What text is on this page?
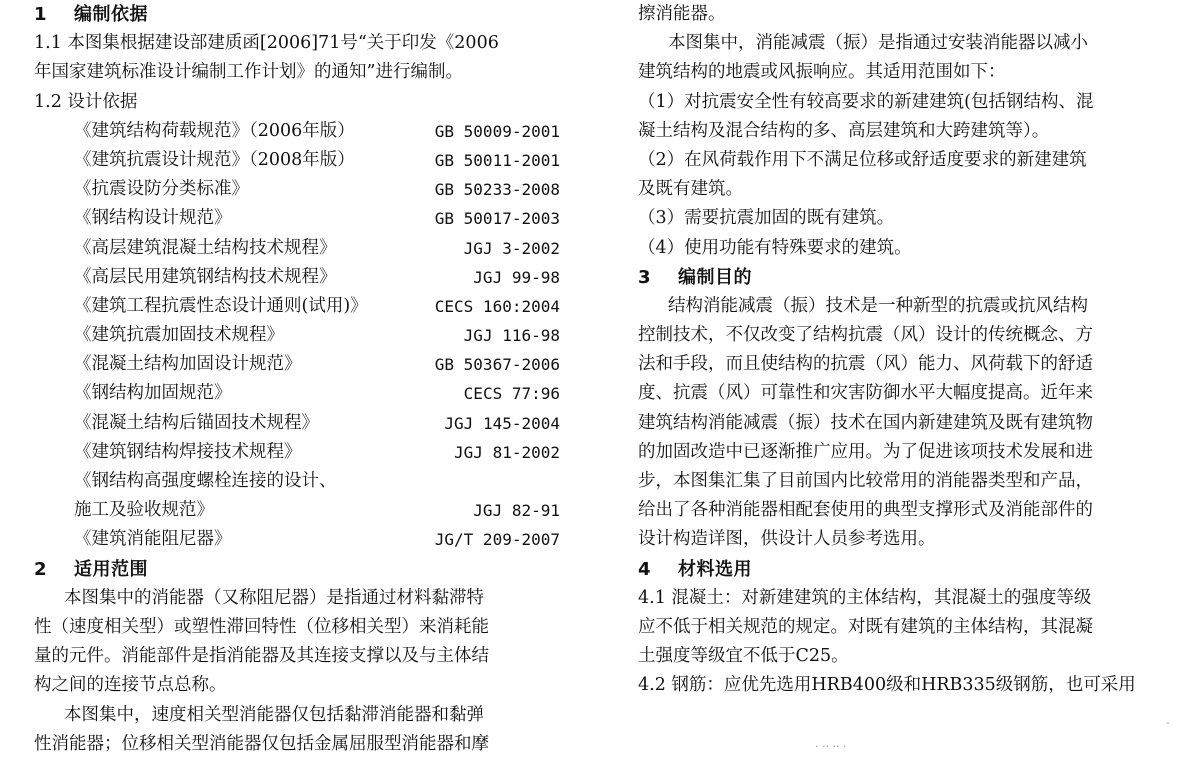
1 编制依据
1.1 本图集根据建设部建质函[2006]71号“关于印发《2006
年国家建筑标准设计编制工作计划》的通知”进行编制。
1.2 设计依据
《建筑结构荷载规范》（2006年版）	GB 50009-2001
《建筑抗震设计规范》（2008年版）	GB 50011-2001
《抗震设防分类标准》	GB 50233-2008
《钢结构设计规范》	GB 50017-2003
《高层建筑混凝土结构技术规程》	JGJ 3-2002
《高层民用建筑钢结构技术规程》	JGJ 99-98
《建筑工程抗震性态设计通则(试用)》	CECS 160:2004
《建筑抗震加固技术规程》	JGJ 116-98
《混凝土结构加固设计规范》	GB 50367-2006
《钢结构加固规范》	CECS 77:96
《混凝土结构后锚固技术规程》	JGJ 145-2004
《建筑钢结构焊接技术规程》	JGJ 81-2002
《钢结构高强度螺栓连接的设计、
施工及验收规范》	JGJ 82-91
《建筑消能阻尼器》	JG/T 209-2007
2 适用范围
本图集中的消能器（又称阻尼器）是指通过材料黏滞特
性（速度相关型）或塑性滞回特性（位移相关型）来消耗能
量的元件。消能部件是指消能器及其连接支撑以及与主体结
构之间的连接节点总称。
本图集中，速度相关型消能器仅包括黏滞消能器和黏弹
性消能器；位移相关型消能器仅包括金属屈服型消能器和摩
擦消能器。
本图集中，消能减震（振）是指通过安装消能器以减小
建筑结构的地震或风振响应。其适用范围如下：
（1）对抗震安全性有较高要求的新建建筑(包括钢结构、混
凝土结构及混合结构的多、高层建筑和大跨建筑等）。
（2）在风荷载作用下不满足位移或舒适度要求的新建建筑
及既有建筑。
（3）需要抗震加固的既有建筑。
（4）使用功能有特殊要求的建筑。
3 编制目的
结构消能减震（振）技术是一种新型的抗震或抗风结构
控制技术，不仅改变了结构抗震（风）设计的传统概念、方
法和手段，而且使结构的抗震（风）能力、风荷载下的舒适
度、抗震（风）可靠性和灾害防御水平大幅度提高。近年来
建筑结构消能减震（振）技术在国内新建建筑及既有建筑物
的加固改造中已逐渐推广应用。为了促进该项技术发展和进
步，本图集汇集了目前国内比较常用的消能器类型和产品，
给出了各种消能器相配套使用的典型支撑形式及消能部件的
设计构造详图，供设计人员参考选用。
4 材料选用
4.1 混凝土：对新建建筑的主体结构，其混凝土的强度等级
应不低于相关规范的规定。对既有建筑的主体结构，其混凝
土强度等级宜不低于C25。
4.2 钢筋：应优先选用HRB400级和HRB335级钢筋，也可采用
· ·· ·· ·
-
